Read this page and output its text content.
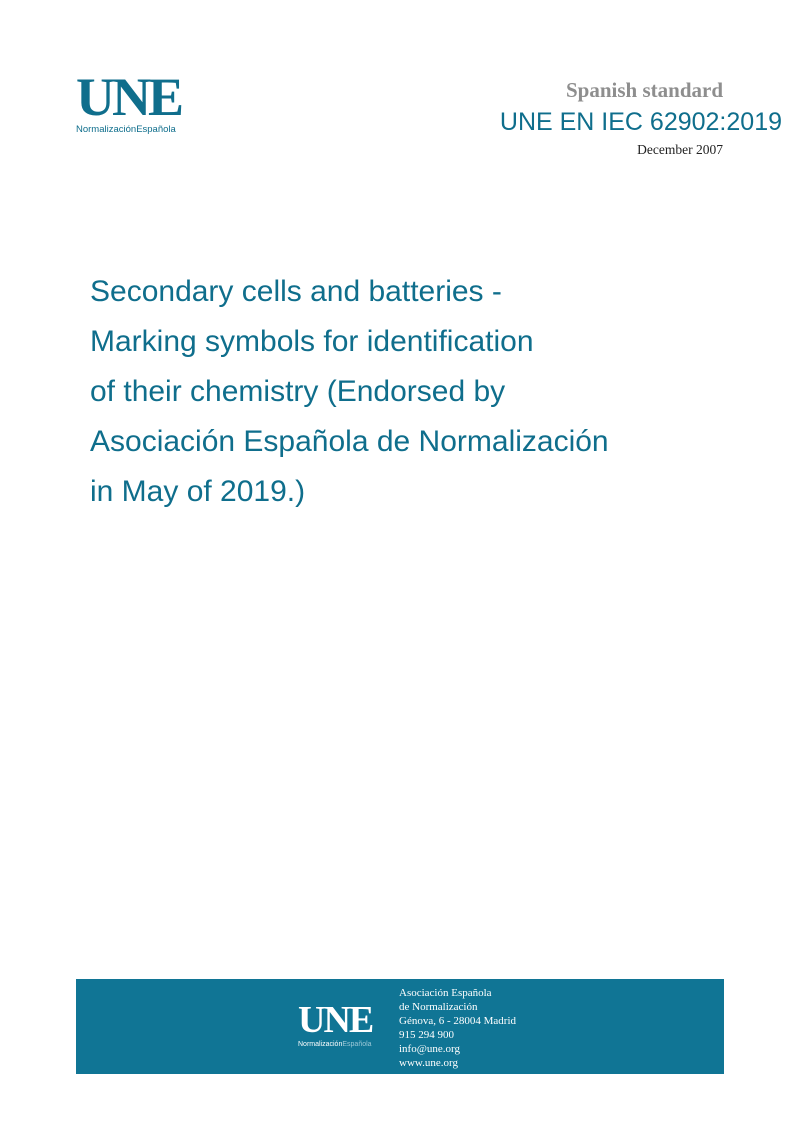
UNE
NormalizaciónEspañola
Spanish standard
UNE EN IEC 62902:2019
December 2007
Secondary cells and batteries -
Marking symbols for identification
of their chemistry (Endorsed by
Asociación Española de Normalización
in May of 2019.)
UNE
NormalizaciónEspañola
Asociación Española
de Normalización
Génova, 6 - 28004 Madrid
915 294 900
info@une.org
www.une.org
